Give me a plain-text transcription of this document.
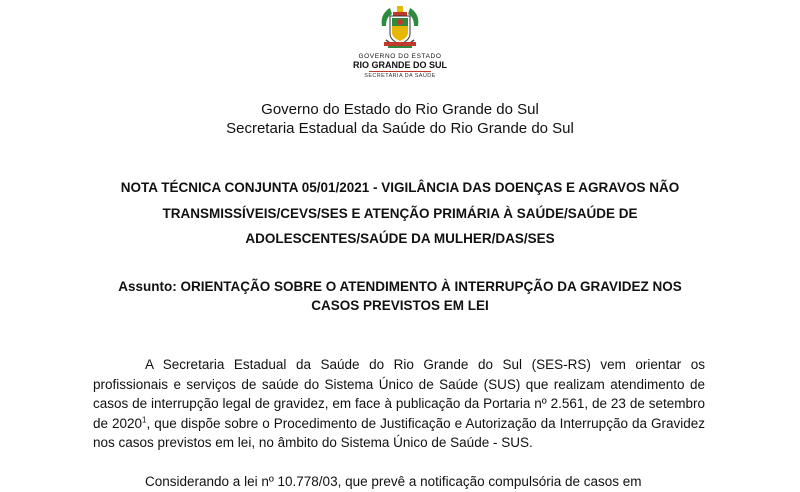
GOVERNO DO ESTADO
RIO GRANDE DO SUL
SECRETARIA DA SAÚDE
Governo do Estado do Rio Grande do Sul
Secretaria Estadual da Saúde do Rio Grande do Sul
NOTA TÉCNICA CONJUNTA 05/01/2021 - VIGILÂNCIA DAS DOENÇAS E AGRAVOS NÃO TRANSMISSÍVEIS/CEVS/SES E ATENÇÃO PRIMÁRIA À SAÚDE/SAÚDE DE ADOLESCENTES/SAÚDE DA MULHER/DAS/SES
Assunto: ORIENTAÇÃO SOBRE O ATENDIMENTO À INTERRUPÇÃO DA GRAVIDEZ NOS CASOS PREVISTOS EM LEI
A Secretaria Estadual da Saúde do Rio Grande do Sul (SES-RS) vem orientar os profissionais e serviços de saúde do Sistema Único de Saúde (SUS) que realizam atendimento de casos de interrupção legal de gravidez, em face à publicação da Portaria nº 2.561, de 23 de setembro de 2020$^1$, que dispõe sobre o Procedimento de Justificação e Autorização da Interrupção da Gravidez nos casos previstos em lei, no âmbito do Sistema Único de Saúde - SUS.
Considerando a lei nº 10.778/03, que prevê a notificação compulsória de casos em
